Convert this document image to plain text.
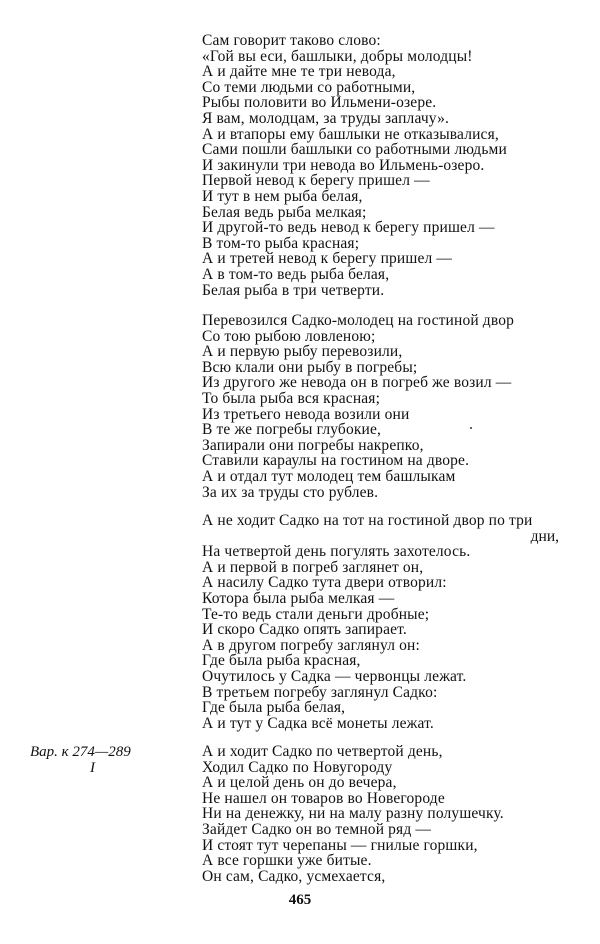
Сам говорит таково слово:
«Гой вы еси, башлыки, добры молодцы!
А и дайте мне те три невода,
Со теми людьми со работными,
Рыбы половити во Ильмени-озере.
Я вам, молодцам, за труды заплачу».
А и втапоры ему башлыки не отказывалися,
Сами пошли башлыки со работными людьми
И закинули три невода во Ильмень-озеро.
Первой невод к берегу пришел —
И тут в нем рыба белая,
Белая ведь рыба мелкая;
И другой-то ведь невод к берегу пришел —
В том-то рыба красная;
А и третей невод к берегу пришел —
А в том-то ведь рыба белая,
Белая рыба в три четверти.
Перевозился Садко-молодец на гостиной двор
Со тою рыбою ловленою;
А и первую рыбу перевозили,
Всю клали они рыбу в погребы;
Из другого же невода он в погреб же возил —
То была рыба вся красная;
Из третьего невода возили они
В те же погребы глубокие,
Запирали они погребы накрепко,
Ставили караулы на гостином на дворе.
А и отдал тут молодец тем башлыкам
За их за труды сто рублев.
А не ходит Садко на тот на гостиной двор по три
дни,
На четвертой день погулять захотелось.
А и первой в погреб заглянет он,
А насилу Садко тута двери отворил:
Котора была рыба мелкая —
Те-то ведь стали деньги дробные;
И скоро Садко опять запирает.
А в другом погребу заглянул он:
Где была рыба красная,
Очутилось у Садка — червонцы лежат.
В третьем погребу заглянул Садко:
Где была рыба белая,
А и тут у Садка всё монеты лежат.
Вар. к 274—289
I
А и ходит Садко по четвертой день,
Ходил Садко по Новугороду
А и целой день он до вечера,
Не нашел он товаров во Новегороде
Ни на денежку, ни на малу разну полушечку.
Зайдет Садко он во темной ряд —
И стоят тут черепаны — гнилые горшки,
А все горшки уже битые.
Он сам, Садко, усмехается,
465
